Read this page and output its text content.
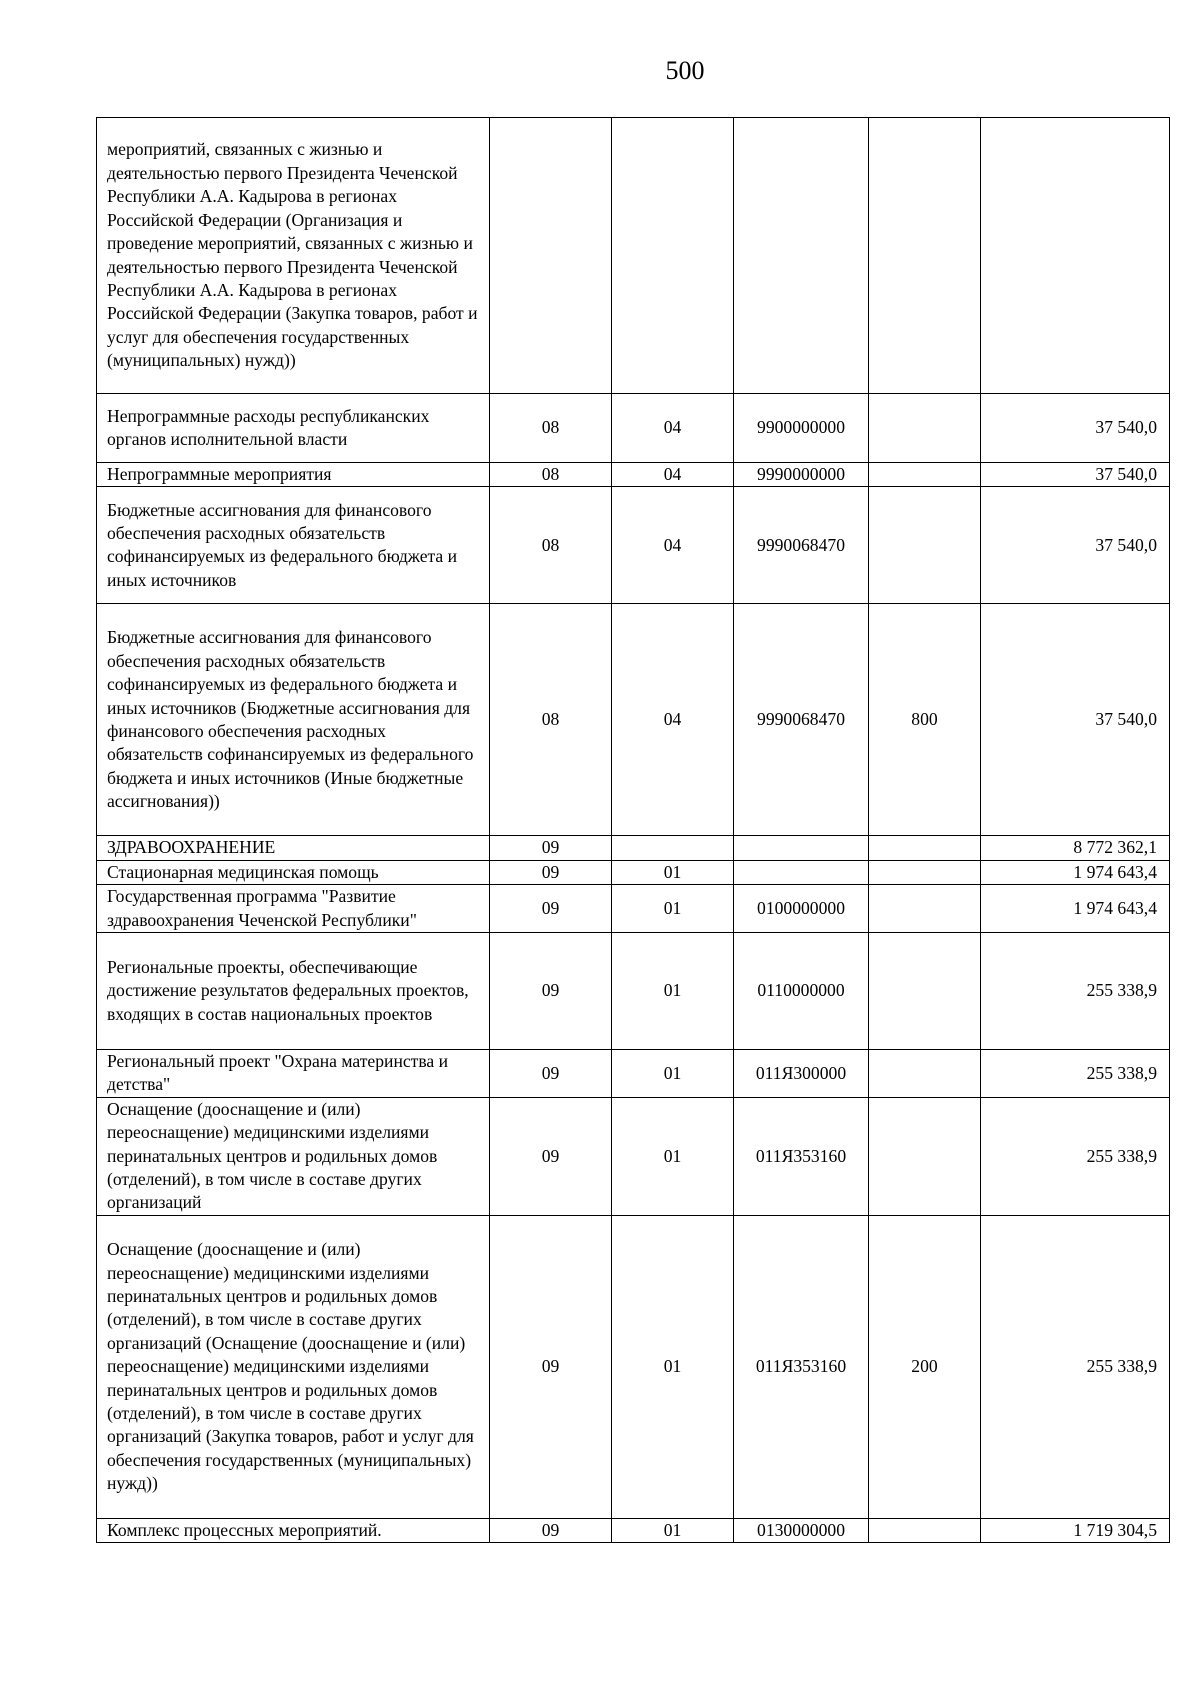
500
мероприятий, связанных с жизнью и деятельностью первого Президента Чеченской Республики А.А. Кадырова в регионах Российской Федерации (Организация и проведение мероприятий, связанных с жизнью и деятельностью первого Президента Чеченской Республики А.А. Кадырова в регионах Российской Федерации (Закупка товаров, работ и услуг для обеспечения государственных (муниципальных) нужд))					
Непрограммные расходы республиканских органов исполнительной власти	08	04	9900000000		37 540,0
Непрограммные мероприятия	08	04	9990000000		37 540,0
Бюджетные ассигнования для финансового обеспечения расходных обязательств софинансируемых из федерального бюджета и иных источников	08	04	9990068470		37 540,0
Бюджетные ассигнования для финансового обеспечения расходных обязательств софинансируемых из федерального бюджета и иных источников (Бюджетные ассигнования для финансового обеспечения расходных обязательств софинансируемых из федерального бюджета и иных источников (Иные бюджетные ассигнования))	08	04	9990068470	800	37 540,0
ЗДРАВООХРАНЕНИЕ	09				8 772 362,1
Стационарная медицинская помощь	09	01			1 974 643,4
Государственная программа "Развитие здравоохранения Чеченской Республики"	09	01	0100000000		1 974 643,4
Региональные проекты, обеспечивающие достижение результатов федеральных проектов, входящих в состав национальных проектов	09	01	0110000000		255 338,9
Региональный проект "Охрана материнства и детства"	09	01	011Я300000		255 338,9
Оснащение (дооснащение и (или) переоснащение) медицинскими изделиями перинатальных центров и родильных домов (отделений), в том числе в составе других организаций	09	01	011Я353160		255 338,9
Оснащение (дооснащение и (или) переоснащение) медицинскими изделиями перинатальных центров и родильных домов (отделений), в том числе в составе других организаций (Оснащение (дооснащение и (или) переоснащение) медицинскими изделиями перинатальных центров и родильных домов (отделений), в том числе в составе других организаций (Закупка товаров, работ и услуг для обеспечения государственных (муниципальных) нужд))	09	01	011Я353160	200	255 338,9
Комплекс процессных мероприятий.	09	01	0130000000		1 719 304,5
